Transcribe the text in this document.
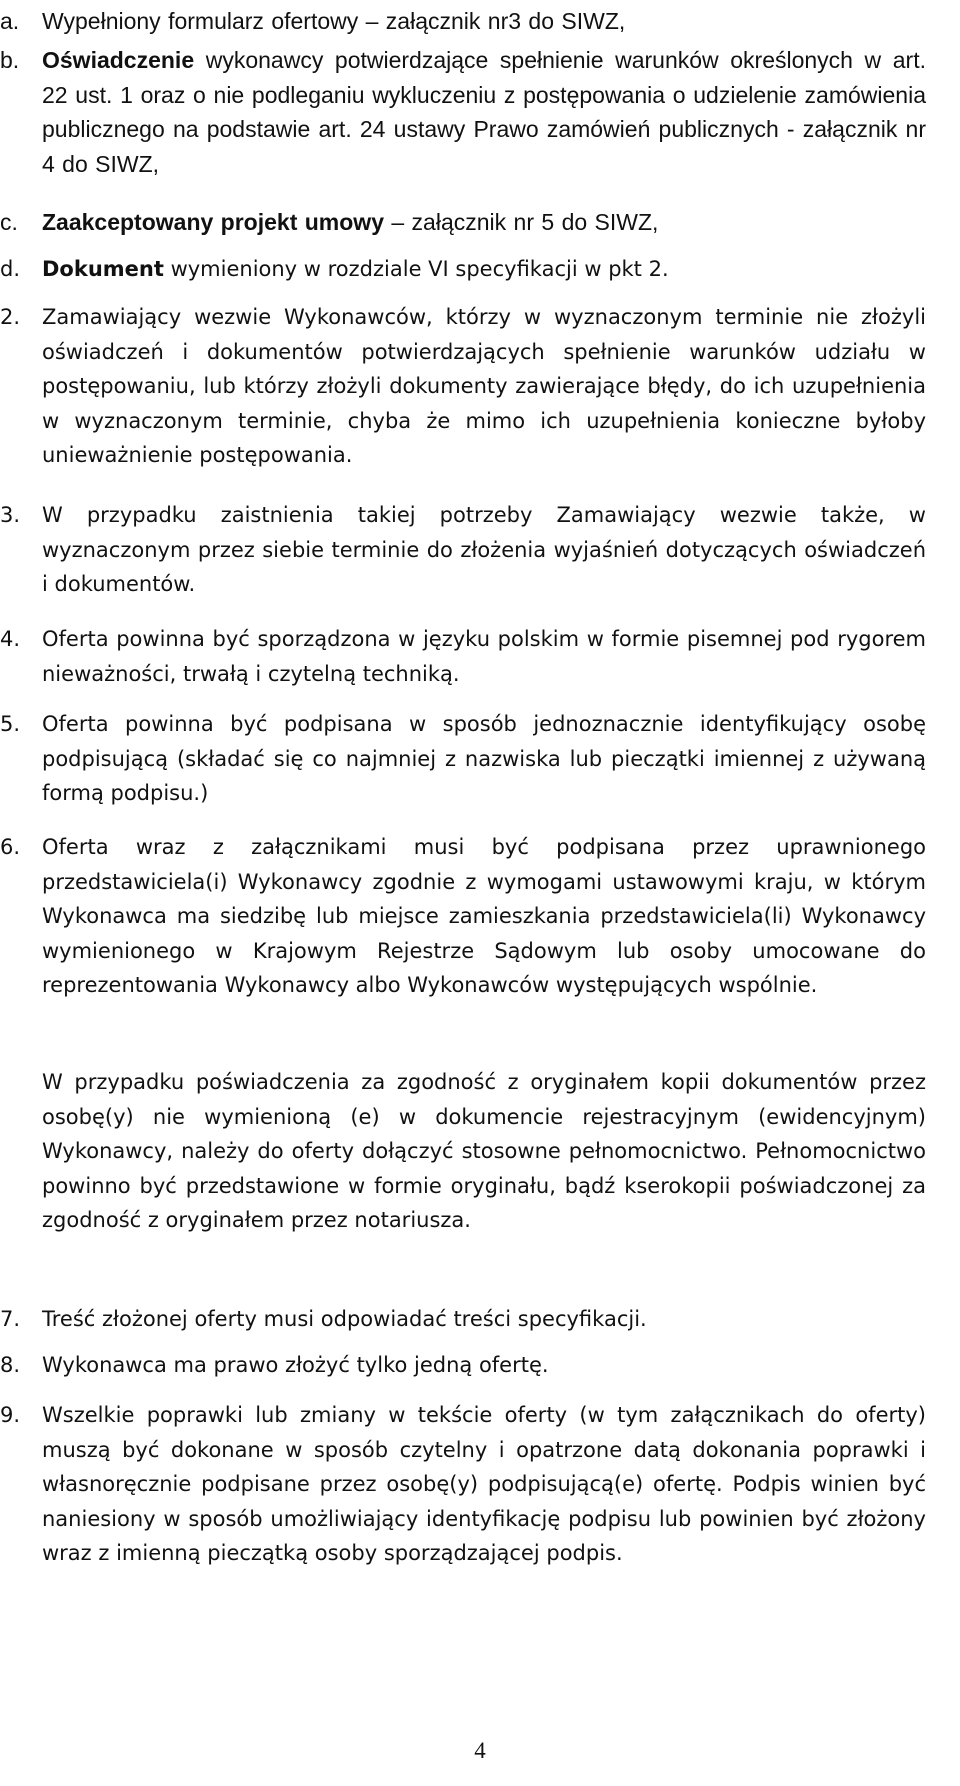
a. Wypełniony formularz ofertowy – załącznik nr3 do SIWZ,
b. Oświadczenie wykonawcy potwierdzające spełnienie warunków określonych w art. 22 ust. 1 oraz o nie podleganiu wykluczeniu z postępowania o udzielenie zamówienia publicznego na podstawie art. 24 ustawy Prawo zamówień publicznych - załącznik nr 4 do SIWZ,
c. Zaakceptowany projekt umowy – załącznik nr 5 do SIWZ,
d. Dokument wymieniony w rozdziale VI specyfikacji w pkt 2.
2. Zamawiający wezwie Wykonawców, którzy w wyznaczonym terminie nie złożyli oświadczeń i dokumentów potwierdzających spełnienie warunków udziału w postępowaniu, lub którzy złożyli dokumenty zawierające błędy, do ich uzupełnienia w wyznaczonym terminie, chyba że mimo ich uzupełnienia konieczne byłoby unieważnienie postępowania.
3. W przypadku zaistnienia takiej potrzeby Zamawiający wezwie także, w wyznaczonym przez siebie terminie do złożenia wyjaśnień dotyczących oświadczeń i dokumentów.
4. Oferta powinna być sporządzona w języku polskim w formie pisemnej pod rygorem nieważności, trwałą i czytelną techniką.
5. Oferta powinna być podpisana w sposób jednoznacznie identyfikujący osobę podpisującą (składać się co najmniej z nazwiska lub pieczątki imiennej z używaną formą podpisu.)
6. Oferta wraz z załącznikami musi być podpisana przez uprawnionego przedstawiciela(i) Wykonawcy zgodnie z wymogami ustawowymi kraju, w którym Wykonawca ma siedzibę lub miejsce zamieszkania przedstawiciela(li) Wykonawcy wymienionego w Krajowym Rejestrze Sądowym lub osoby umocowane do reprezentowania Wykonawcy albo Wykonawców występujących wspólnie.
W przypadku poświadczenia za zgodność z oryginałem kopii dokumentów przez osobę(y) nie wymienioną (e) w dokumencie rejestracyjnym (ewidencyjnym) Wykonawcy, należy do oferty dołączyć stosowne pełnomocnictwo. Pełnomocnictwo powinno być przedstawione w formie oryginału, bądź kserokopii poświadczonej za zgodność z oryginałem przez notariusza.
7. Treść złożonej oferty musi odpowiadać treści specyfikacji.
8. Wykonawca ma prawo złożyć tylko jedną ofertę.
9. Wszelkie poprawki lub zmiany w tekście oferty (w tym załącznikach do oferty) muszą być dokonane w sposób czytelny i opatrzone datą dokonania poprawki i własnoręcznie podpisane przez osobę(y) podpisującą(e) ofertę. Podpis winien być naniesiony w sposób umożliwiający identyfikację podpisu lub powinien być złożony wraz z imienną pieczątką osoby sporządzającej podpis.
4
